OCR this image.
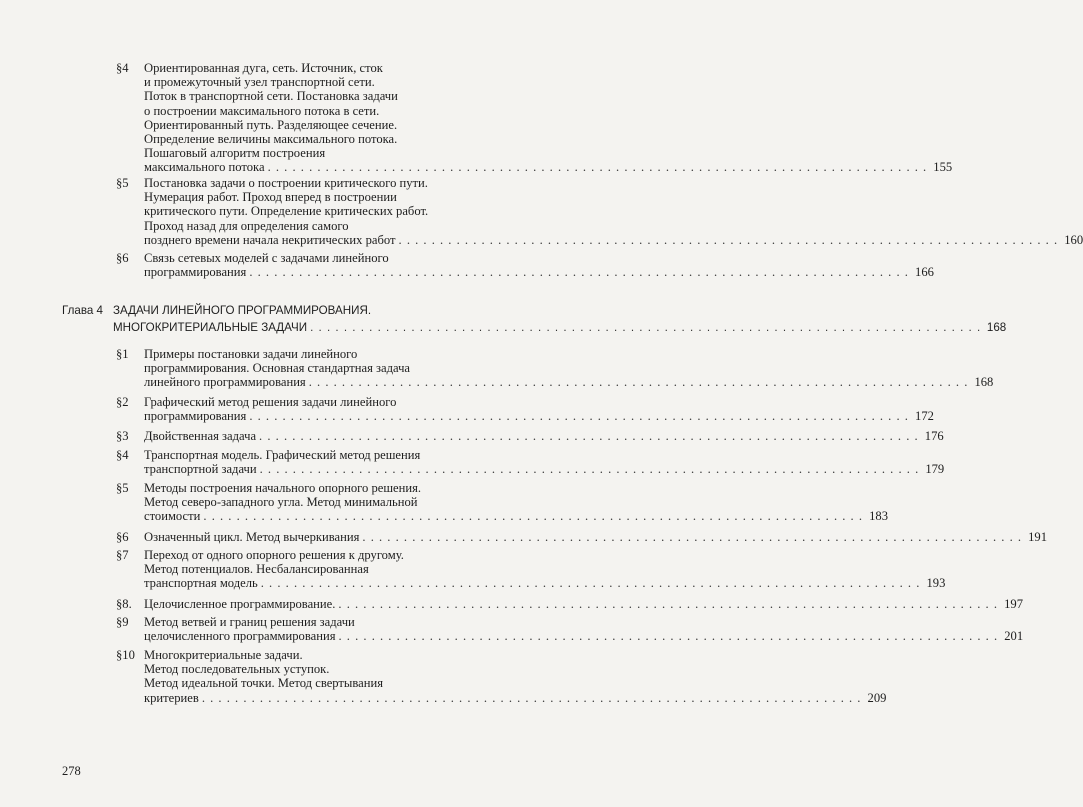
§4 Ориентированная дуга, сеть. Источник, сток
и промежуточный узел транспортной сети.
Поток в транспортной сети. Постановка задачи
о построении максимального потока в сети.
Ориентированный путь. Разделяющее сечение.
Определение величины максимального потока.
Пошаговый алгоритм построения
максимального потока . . . . . . . . . . . . . . . . . . . . . . . . . . . . . . . . . . . . . . . . . . . . . . . . . . . . . . . . . . . . . . . . . . . . . . . . . . . . . . . . 155
§5 Постановка задачи о построении критического пути.
Нумерация работ. Проход вперед в построении
критического пути. Определение критических работ.
Проход назад для определения самого
позднего времени начала некритических работ . . . . . . . . . . . . . . . . . . . . . . . . . . . . . . . . . . . . . . . . . . . . . . . . . . . . . . . . . . . . . . . . . . . . . . . . . . . . . . . . 160
§6 Связь сетевых моделей с задачами линейного
программирования . . . . . . . . . . . . . . . . . . . . . . . . . . . . . . . . . . . . . . . . . . . . . . . . . . . . . . . . . . . . . . . . . . . . . . . . . . . . . . . . 166
Глава 4 ЗАДАЧИ ЛИНЕЙНОГО ПРОГРАММИРОВАНИЯ.
МНОГОКРИТЕРИАЛЬНЫЕ ЗАДАЧИ . . . . . . . . . . . . . . . . . . . . . . . . . . . . . . . . . . . . . . . . . . . . . . . . . . . . . . . . . . . . . . . . . . . . . . . . . . . . . . . . 168
§1 Примеры постановки задачи линейного
программирования. Основная стандартная задача
линейного программирования . . . . . . . . . . . . . . . . . . . . . . . . . . . . . . . . . . . . . . . . . . . . . . . . . . . . . . . . . . . . . . . . . . . . . . . . . . . . . . . . 168
§2 Графический метод решения задачи линейного
программирования . . . . . . . . . . . . . . . . . . . . . . . . . . . . . . . . . . . . . . . . . . . . . . . . . . . . . . . . . . . . . . . . . . . . . . . . . . . . . . . . 172
§3 Двойственная задача . . . . . . . . . . . . . . . . . . . . . . . . . . . . . . . . . . . . . . . . . . . . . . . . . . . . . . . . . . . . . . . . . . . . . . . . . . . . . . . . 176
§4 Транспортная модель. Графический метод решения
транспортной задачи . . . . . . . . . . . . . . . . . . . . . . . . . . . . . . . . . . . . . . . . . . . . . . . . . . . . . . . . . . . . . . . . . . . . . . . . . . . . . . . . 179
§5 Методы построения начального опорного решения.
Метод северо-западного угла. Метод минимальной
стоимости . . . . . . . . . . . . . . . . . . . . . . . . . . . . . . . . . . . . . . . . . . . . . . . . . . . . . . . . . . . . . . . . . . . . . . . . . . . . . . . . 183
§6 Означенный цикл. Метод вычеркивания . . . . . . . . . . . . . . . . . . . . . . . . . . . . . . . . . . . . . . . . . . . . . . . . . . . . . . . . . . . . . . . . . . . . . . . . . . . . . . . . 191
§7 Переход от одного опорного решения к другому.
Метод потенциалов. Несбалансированная
транспортная модель . . . . . . . . . . . . . . . . . . . . . . . . . . . . . . . . . . . . . . . . . . . . . . . . . . . . . . . . . . . . . . . . . . . . . . . . . . . . . . . . 193
§8. Целочисленное программирование. . . . . . . . . . . . . . . . . . . . . . . . . . . . . . . . . . . . . . . . . . . . . . . . . . . . . . . . . . . . . . . . . . . . . . . . . . . . . . . . . 197
§9 Метод ветвей и границ решения задачи
целочисленного программирования . . . . . . . . . . . . . . . . . . . . . . . . . . . . . . . . . . . . . . . . . . . . . . . . . . . . . . . . . . . . . . . . . . . . . . . . . . . . . . . . 201
§10 Многокритериальные задачи.
Метод последовательных уступок.
Метод идеальной точки. Метод свертывания
критериев . . . . . . . . . . . . . . . . . . . . . . . . . . . . . . . . . . . . . . . . . . . . . . . . . . . . . . . . . . . . . . . . . . . . . . . . . . . . . . . . 209
278
